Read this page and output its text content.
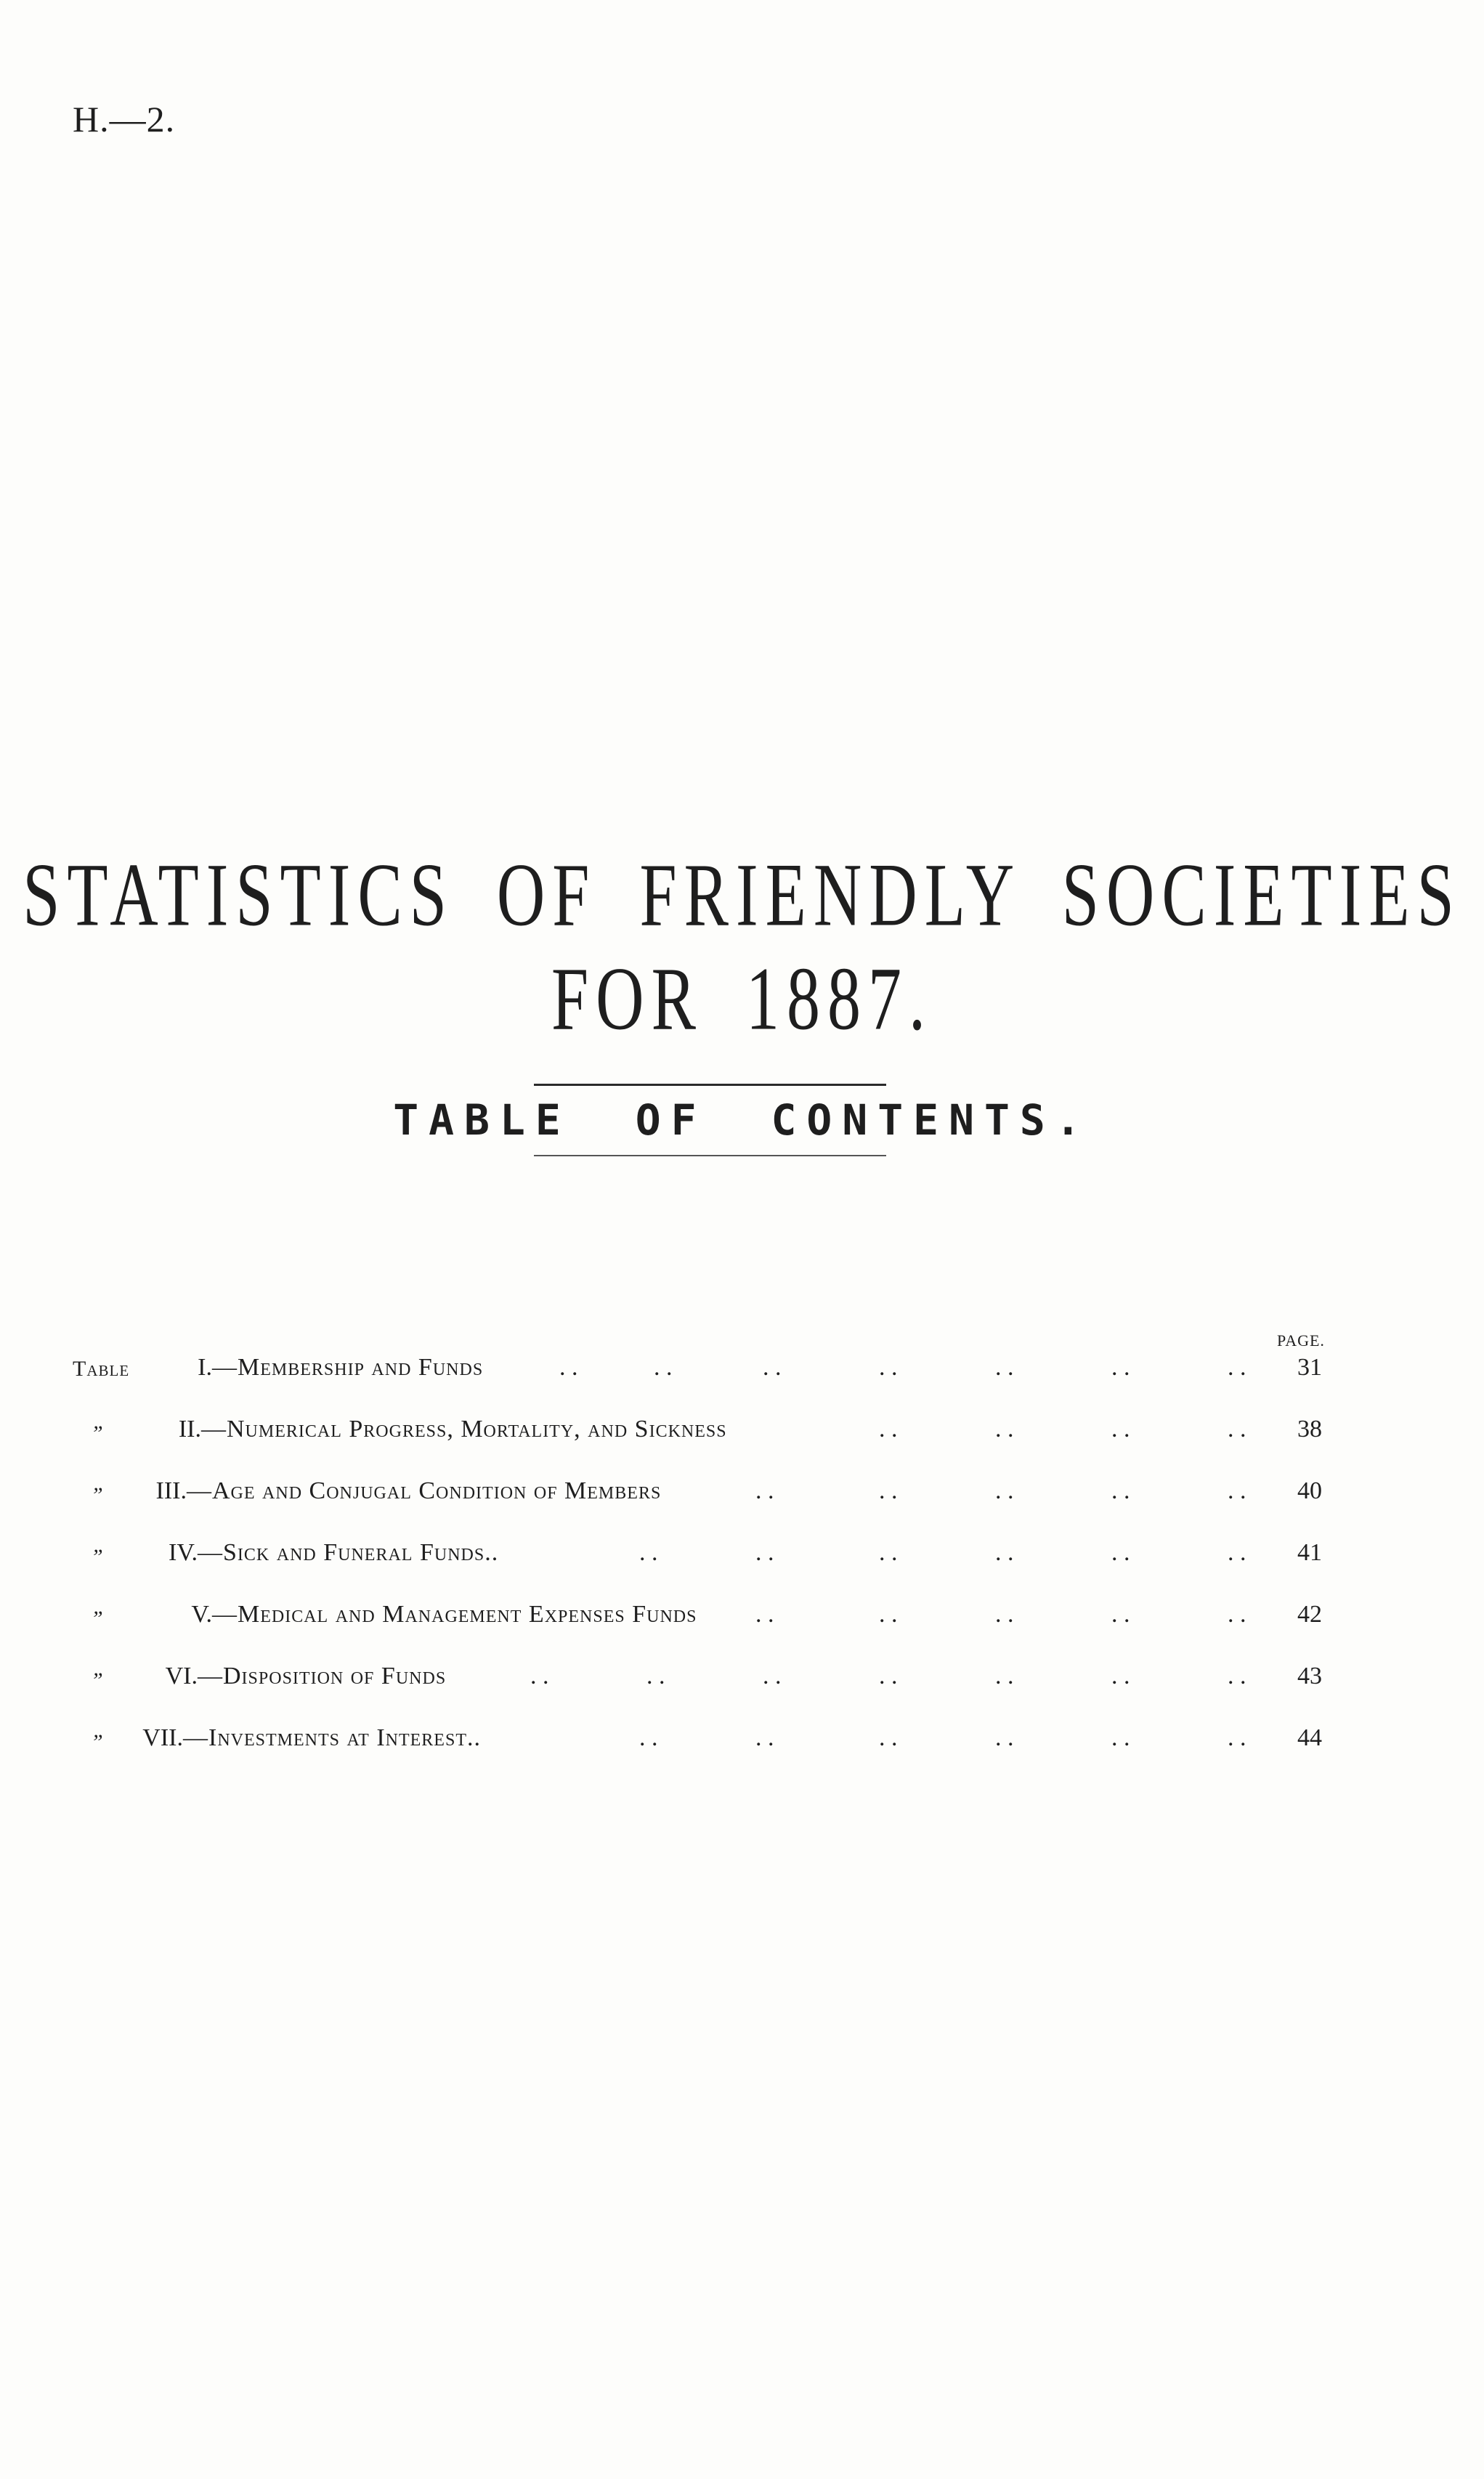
H.—2.
STATISTICS OF FRIENDLY SOCIETIES FOR 1887.
TABLE OF CONTENTS.
PAGE.
Table	I. —Membership and Funds	. .	. .	. .	. .	. .	. .	. .	31
”	II. —Numerical Progress, Mortality, and Sickness	. .	. .	. .	. .	38
”	III. —Age and Conjugal Condition of Members	. .	. .	. .	. .	. .	40
”	IV. —Sick and Funeral Funds..	. .	. .	. .	. .	. .	. .	41
”	V. —Medical and Management Expenses Funds . .	. .	. .	. .	. .	42
”	VI. —Disposition of Funds	. .	. .	. .	. .	. .	. .	. .	43
”	VII. —Investments at Interest..	. .	. .	. .	. .	. .	. .	44
